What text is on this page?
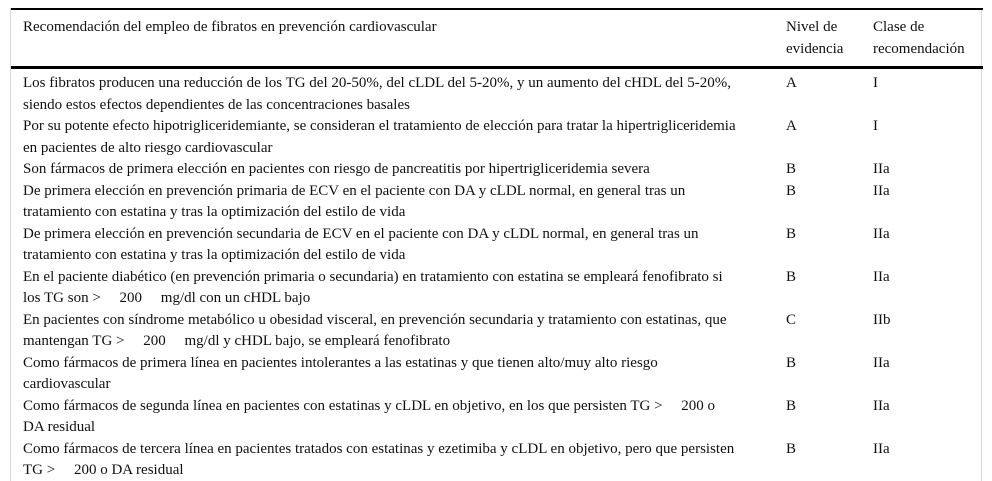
Recomendación del empleo de fibratos en prevención cardiovascular	Nivel de evidencia	Clase de recomendación
Los fibratos producen una reducción de los TG del 20-50%, del cLDL del 5-20%, y un aumento del cHDL del 5-20%, siendo estos efectos dependientes de las concentraciones basales	A	I
Por su potente efecto hipotrigliceridemiante, se consideran el tratamiento de elección para tratar la hipertrigliceridemia en pacientes de alto riesgo cardiovascular	A	I
Son fármacos de primera elección en pacientes con riesgo de pancreatitis por hipertrigliceridemia severa	B	IIa
De primera elección en prevención primaria de ECV en el paciente con DA y cLDL normal, en general tras un tratamiento con estatina y tras la optimización del estilo de vida	B	IIa
De primera elección en prevención secundaria de ECV en el paciente con DA y cLDL normal, en general tras un tratamiento con estatina y tras la optimización del estilo de vida	B	IIa
En el paciente diabético (en prevención primaria o secundaria) en tratamiento con estatina se empleará fenofibrato si los TG son >     200     mg/dl con un cHDL bajo	B	IIa
En pacientes con síndrome metabólico u obesidad visceral, en prevención secundaria y tratamiento con estatinas, que mantengan TG >     200     mg/dl y cHDL bajo, se empleará fenofibrato	C	IIb
Como fármacos de primera línea en pacientes intolerantes a las estatinas y que tienen alto/muy alto riesgo cardiovascular	B	IIa
Como fármacos de segunda línea en pacientes con estatinas y cLDL en objetivo, en los que persisten TG >     200 o DA residual	B	IIa
Como fármacos de tercera línea en pacientes tratados con estatinas y ezetimiba y cLDL en objetivo, pero que persisten TG >     200 o DA residual	B	IIa
